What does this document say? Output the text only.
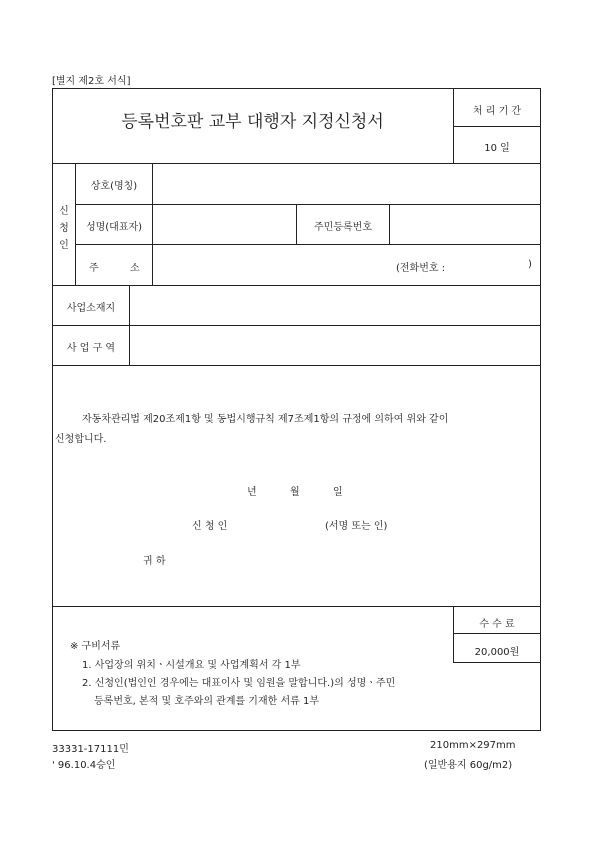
[별지 제2호 서식]
등록번호판 교부 대행자 지정신청서
처 리 기 간
10 일
신
청
인
상호(명칭)
성명(대표자)	주민등록번호
주	소	(전화번호 :	)
사업소재지
사 업 구 역
자동차관리법 제20조제1항 및 동법시행규칙 제7조제1항의 규정에 의하여 위와 같이
신청합니다.
년	월	일
신 청 인	(서명 또는 인)
귀 하
수 수 료
20,000원
※ 구비서류
1. 사업장의 위치ㆍ시설개요 및 사업계획서 각 1부
2. 신청인(법인인 경우에는 대표이사 및 임원을 말합니다.)의 성명ㆍ주민
등록번호, 본적 및 호주와의 관계를 기재한 서류 1부
33331-17111민
' 96.10.4승인
210mm×297mm
(일반용지 60g/m2)
